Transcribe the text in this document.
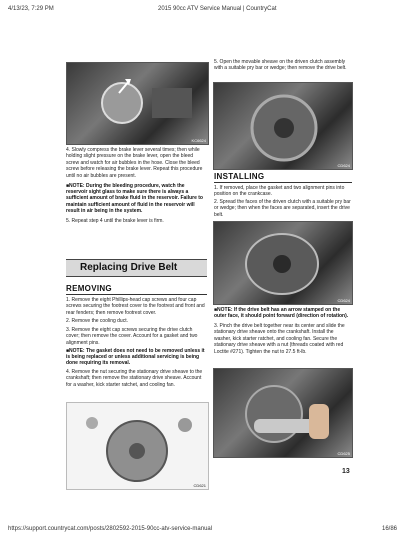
4/13/23, 7:29 PM	2015 90cc ATV Service Manual | CountryCat
KC6624
4. Slowly compress the brake lever several times; then while holding slight pressure on the brake lever, open the bleed screw and watch for air bubbles in the hose. Close the bleed screw before releasing the brake lever. Repeat this procedure until no air bubbles are present.
■NOTE: During the bleeding procedure, watch the reservoir sight glass to make sure there is always a sufficient amount of brake fluid in the reservoir. Failure to maintain sufficient amount of fluid in the reservoir will result in air being in the system.
5. Repeat step 4 until the brake lever is firm.
Replacing Drive Belt
REMOVING
1. Remove the eight Phillips-head cap screws and four cap screws securing the footrest cover to the footrest and front and rear fenders; then remove footrest cover.
2. Remove the cooling duct.
3. Remove the eight cap screws securing the drive clutch cover; then remove the cover. Account for a gasket and two alignment pins.
■NOTE: The gasket does not need to be removed unless it is being replaced or unless additional servicing is being done requiring its removal.
4. Remove the nut securing the stationary drive sheave to the crankshaft; then remove the stationary drive sheave. Account for a washer, kick starter ratchet, and cooling fan.
CD621
5. Open the movable sheave on the driven clutch assembly with a suitable pry bar or wedge; then remove the drive belt.
CD624
INSTALLING
1. If removed, place the gasket and two alignment pins into position on the crankcase.
2. Spread the faces of the driven clutch with a suitable pry bar or wedge; then when the faces are separated, insert the drive belt.
CD624
■NOTE: If the drive belt has an arrow stamped on the outer face, it should point forward (direction of rotation).
3. Pinch the drive belt together near its center and slide the stationary drive sheave onto the crankshaft. Install the washer, kick starter ratchet, and cooling fan. Secure the stationary drive sheave with a nut (threads coated with red Loctite #271). Tighten the nut to 27.5 ft-lb.
CD625
13
https://support.countrycat.com/posts/2802592-2015-90cc-atv-service-manual	16/86
